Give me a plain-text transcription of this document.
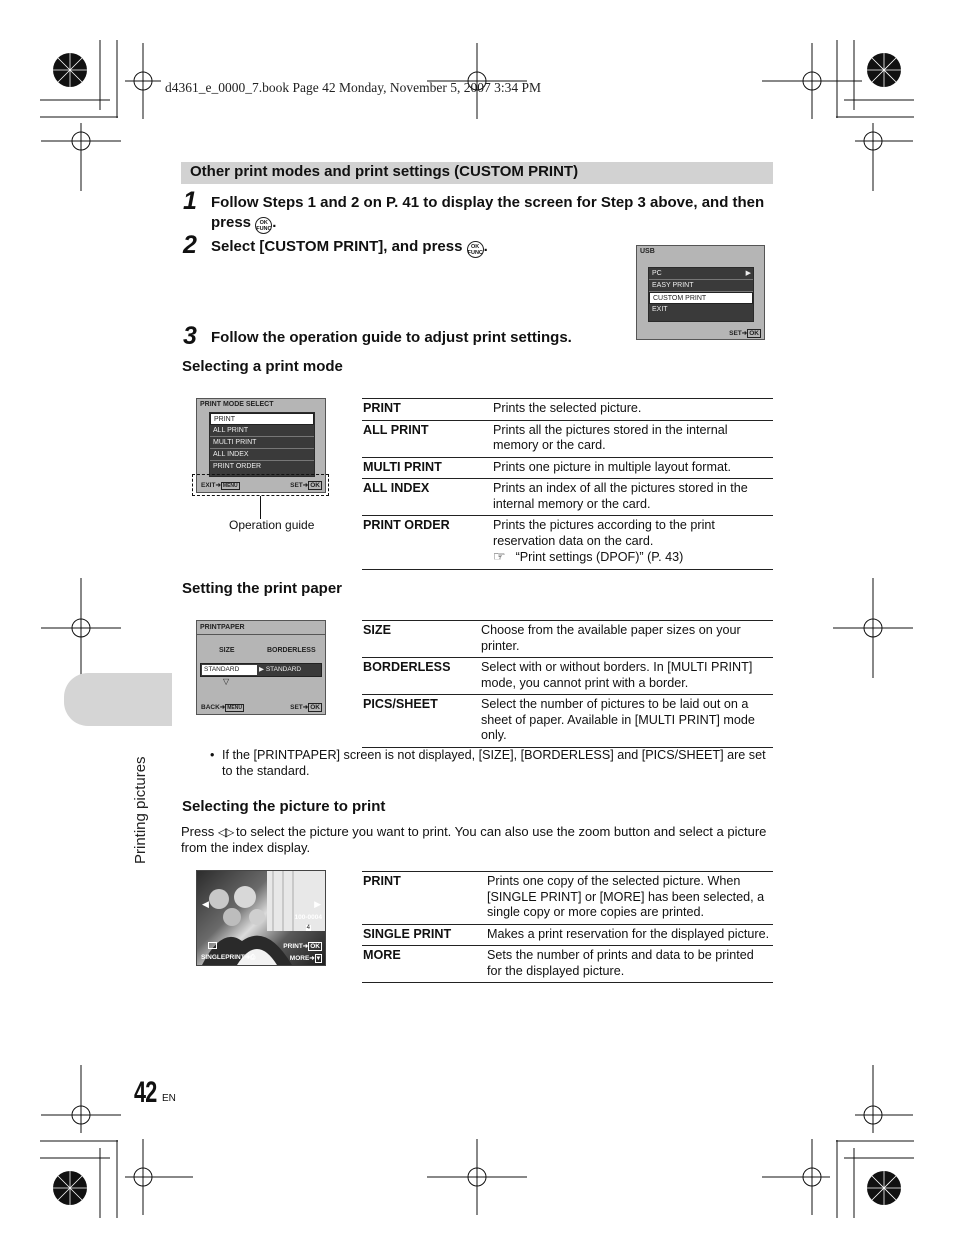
d4361_e_0000_7.book Page 42 Monday, November 5, 2007 3:34 PM
Other print modes and print settings (CUSTOM PRINT)
1 Follow Steps 1 and 2 on P. 41 to display the screen for Step 3 above, and then press OK
FUNC.
2 Select [CUSTOM PRINT], and press OK
FUNC.	USB
PC	▶
EASY PRINT
CUSTOM PRINT
EXIT
SET➜ OK
3 Follow the operation guide to adjust print settings.
Selecting a print mode
PRINT MODE SELECT
PRINT
ALL PRINT
MULTI PRINT
ALL INDEX
PRINT ORDER
EXIT➜ MENU	SET➜ OK
Operation guide
PRINT	Prints the selected picture.
ALL PRINT	Prints all the pictures stored in the internal memory or the card.
MULTI PRINT	Prints one picture in multiple layout format.
ALL INDEX	Prints an index of all the pictures stored in the internal memory or the card.
PRINT ORDER	Prints the pictures according to the print reservation data on the card.
☞ “Print settings (DPOF)” (P. 43)
Setting the print paper
PRINTPAPER
SIZE	BORDERLESS
STANDARD	▶ STANDARD
▽
BACK➜ MENU	SET➜ OK
SIZE	Choose from the available paper sizes on your printer.
BORDERLESS	Select with or without borders. In [MULTI PRINT] mode, you cannot print with a border.
PICS/SHEET	Select the number of pictures to be laid out on a sheet of paper. Available in [MULTI PRINT] mode only.
• If the [PRINTPAPER] screen is not displayed, [SIZE], [BORDERLESS] and [PICS/SHEET] are set to the standard.
Selecting the picture to print
Press ◁▷ to select the picture you want to print. You can also use the zoom button and select a picture from the index display.
◀	▶
100-0004
4
PRINT➜ OK
SINGLEPRINT➜⎙	MORE➜ ▾
PRINT	Prints one copy of the selected picture. When [SINGLE PRINT] or [MORE] has been selected, a single copy or more copies are printed.
SINGLE PRINT	Makes a print reservation for the displayed picture.
MORE	Sets the number of prints and data to be printed for the displayed picture.
Printing pictures
42 EN
